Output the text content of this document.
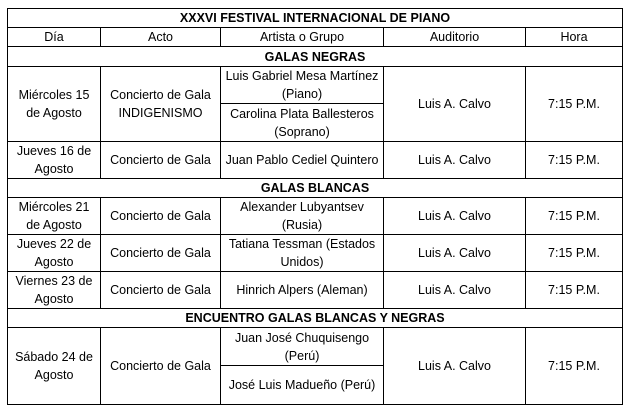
XXXVI FESTIVAL INTERNACIONAL DE PIANO				
Día	Acto	Artista o Grupo	Auditorio	Hora
GALAS NEGRAS				
Miércoles 15 de Agosto	Concierto de Gala INDIGENISMO	Luis Gabriel Mesa Martínez (Piano)	Luis A. Calvo	7:15 P.M.
		Carolina Plata Ballesteros (Soprano)		
Jueves 16 de Agosto	Concierto de Gala	Juan Pablo Cediel Quintero	Luis A. Calvo	7:15 P.M.
GALAS BLANCAS				
Miércoles 21 de Agosto	Concierto de Gala	Alexander Lubyantsev (Rusia)	Luis A. Calvo	7:15 P.M.
Jueves 22 de Agosto	Concierto de Gala	Tatiana Tessman (Estados Unidos)	Luis A. Calvo	7:15 P.M.
Viernes 23 de Agosto	Concierto de Gala	Hinrich Alpers (Aleman)	Luis A. Calvo	7:15 P.M.
ENCUENTRO GALAS BLANCAS Y NEGRAS				
Sábado 24 de Agosto	Concierto de Gala	Juan José Chuquisengo (Perú)	Luis A. Calvo	7:15 P.M.
		José Luis Madueño (Perú)		
